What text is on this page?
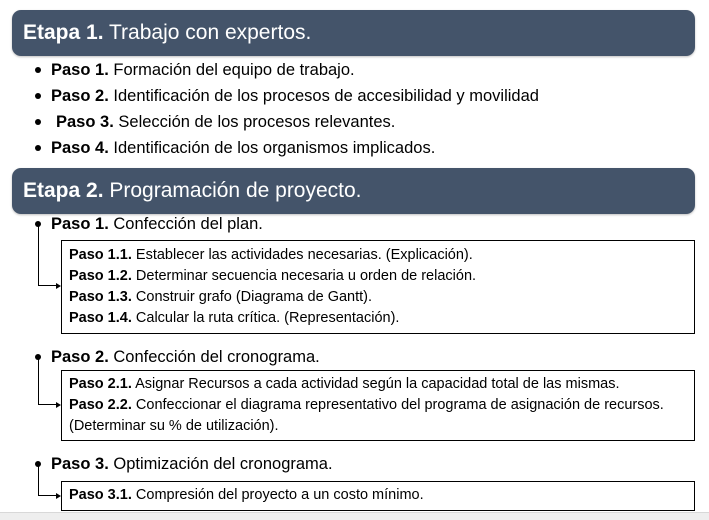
Etapa 1. Trabajo con expertos.
Paso 1. Formación del equipo de trabajo.
Paso 2. Identificación de los procesos de accesibilidad y movilidad
Paso 3. Selección de los procesos relevantes.
Paso 4. Identificación de los organismos implicados.
Etapa 2. Programación de proyecto.
Paso 1. Confección del plan.
Paso 1.1. Establecer las actividades necesarias. (Explicación).
Paso 1.2. Determinar secuencia necesaria u orden de relación.
Paso 1.3. Construir grafo (Diagrama de Gantt).
Paso 1.4. Calcular la ruta crítica. (Representación).
Paso 2. Confección del cronograma.
Paso 2.1. Asignar Recursos a cada actividad según la capacidad total de las mismas.
Paso 2.2. Confeccionar el diagrama representativo del programa de asignación de recursos. (Determinar su % de utilización).
Paso 3. Optimización del cronograma.
Paso 3.1. Compresión del proyecto a un costo mínimo.
